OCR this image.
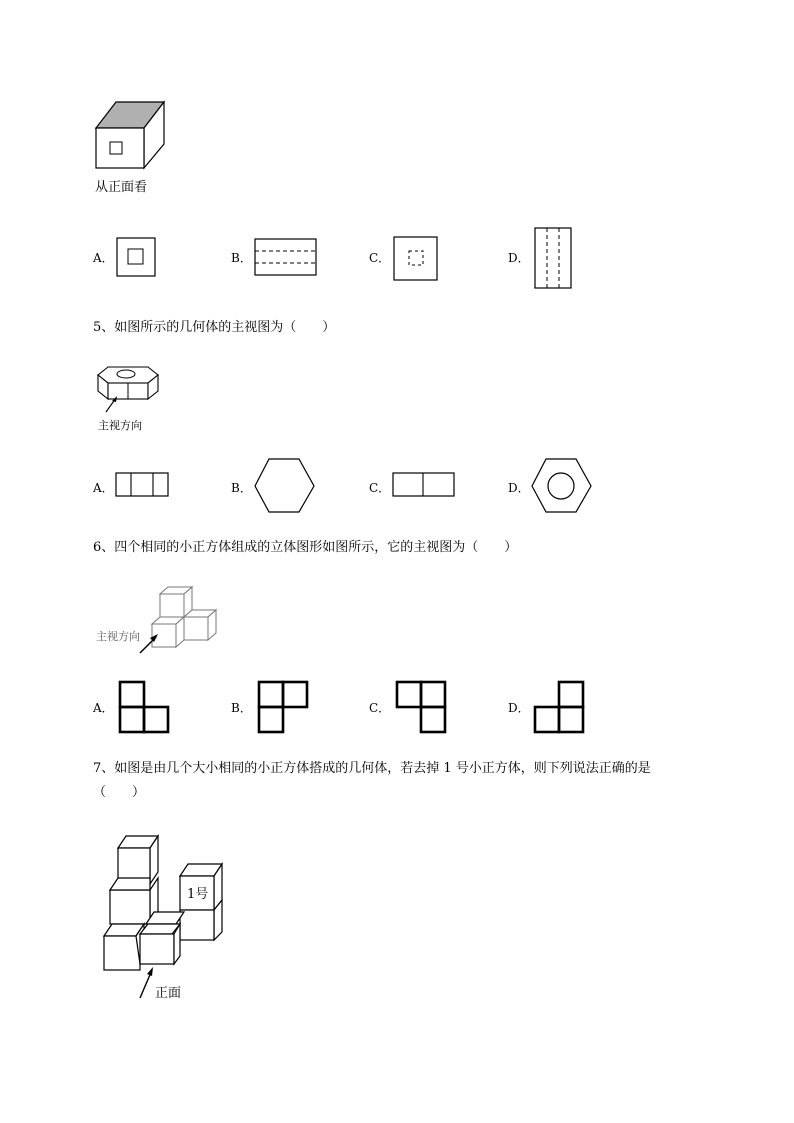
从正面看
A．	B．	C．	D．
5、如图所示的几何体的主视图为（　　）
主视方向
A．	B．	C．	D．
6、四个相同的小正方体组成的立体图形如图所示，它的主视图为（　　）
主视方向
A．	B．	C．	D．
7、如图是由几个大小相同的小正方体搭成的几何体，若去掉 1 号小正方体，则下列说法正确的是
（　　）
1号
正面
